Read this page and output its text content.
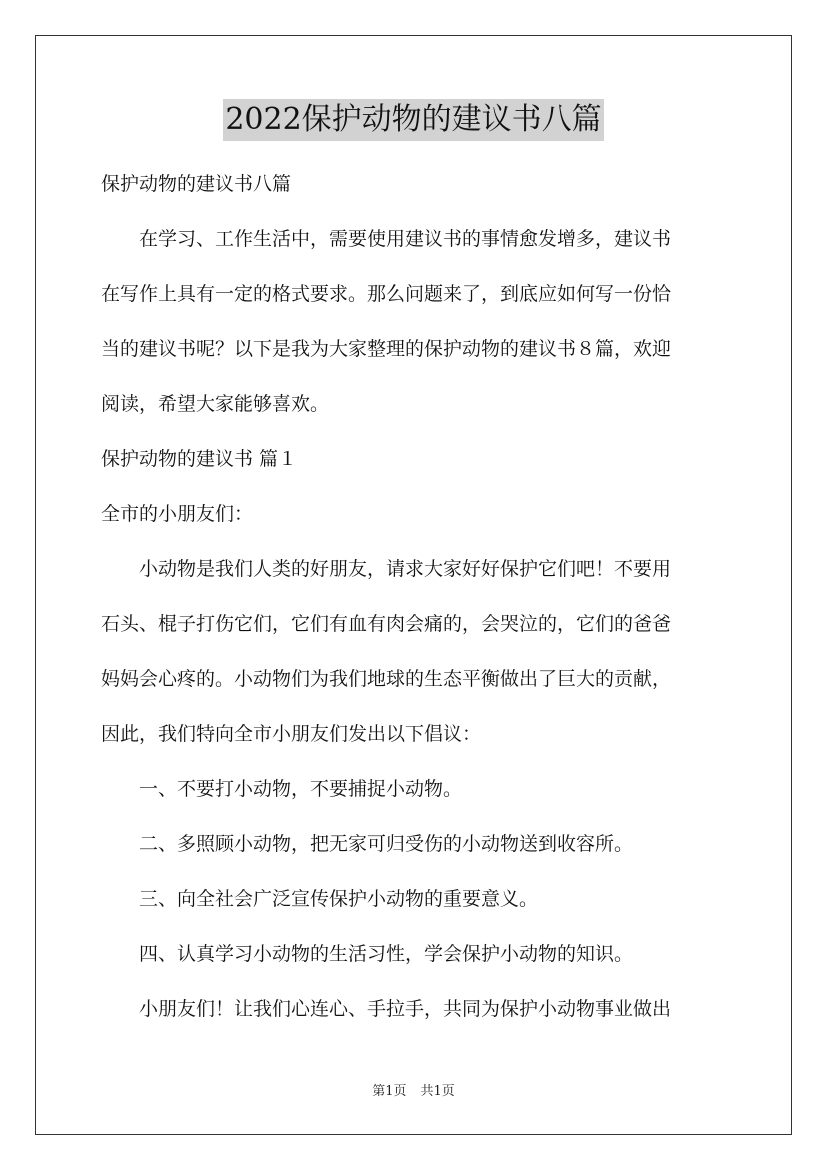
2022保护动物的建议书八篇

保护动物的建议书八篇

　　在学习、工作生活中，需要使用建议书的事情愈发增多，建议书

在写作上具有一定的格式要求。那么问题来了，到底应如何写一份恰

当的建议书呢？以下是我为大家整理的保护动物的建议书８篇，欢迎

阅读，希望大家能够喜欢。

保护动物的建议书 篇１

全市的小朋友们：

　　小动物是我们人类的好朋友，请求大家好好保护它们吧！不要用

石头、棍子打伤它们，它们有血有肉会痛的，会哭泣的，它们的爸爸

妈妈会心疼的。小动物们为我们地球的生态平衡做出了巨大的贡献，

因此，我们特向全市小朋友们发出以下倡议：

　　一、不要打小动物，不要捕捉小动物。

　　二、多照顾小动物，把无家可归受伤的小动物送到收容所。

　　三、向全社会广泛宣传保护小动物的重要意义。

　　四、认真学习小动物的生活习性，学会保护小动物的知识。

　　小朋友们！让我们心连心、手拉手，共同为保护小动物事业做出

第1页 共1页
